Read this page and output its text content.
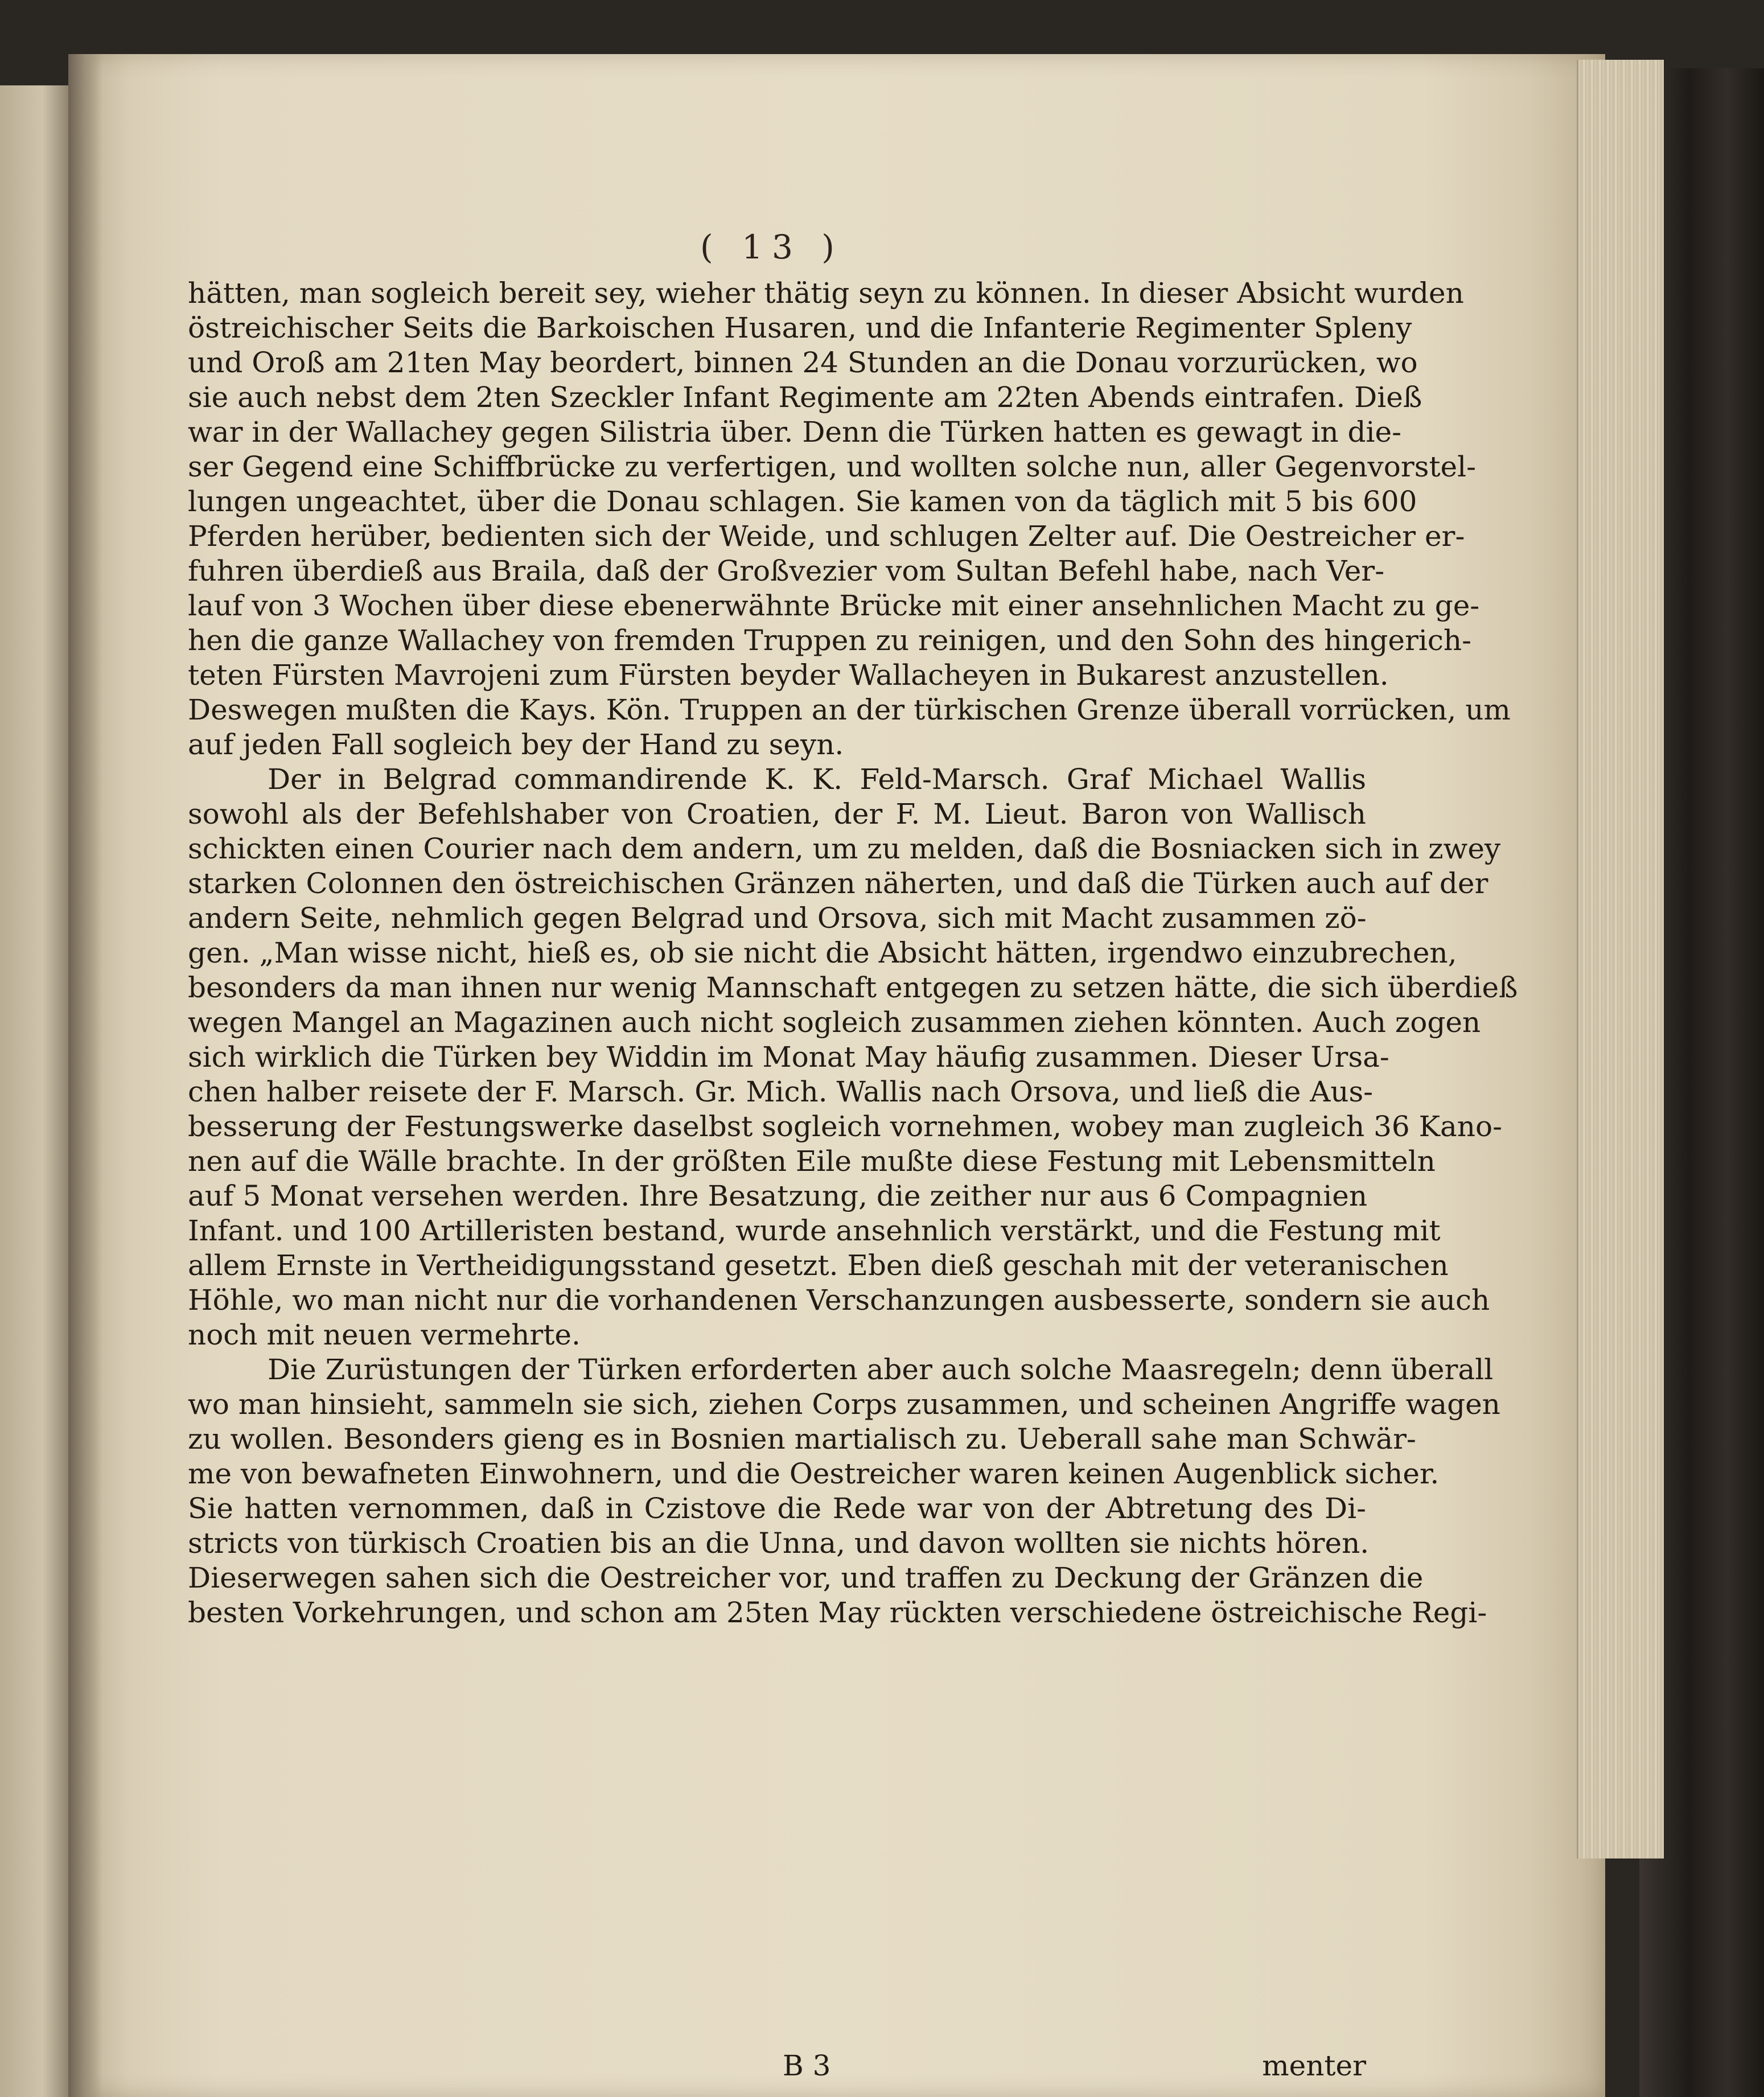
( 13 )
hätten, man sogleich bereit sey, wieher thätig seyn zu können. In dieser Absicht wurden
östreichischer Seits die Barkoischen Husaren, und die Infanterie Regimenter Spleny
und Oroß am 21ten May beordert, binnen 24 Stunden an die Donau vorzurücken, wo
sie auch nebst dem 2ten Szeckler Infant Regimente am 22ten Abends eintrafen. Dieß
war in der Wallachey gegen Silistria über. Denn die Türken hatten es gewagt in die-
ser Gegend eine Schiffbrücke zu verfertigen, und wollten solche nun, aller Gegenvorstel-
lungen ungeachtet, über die Donau schlagen. Sie kamen von da täglich mit 5 bis 600
Pferden herüber, bedienten sich der Weide, und schlugen Zelter auf. Die Oestreicher er-
fuhren überdieß aus Braila, daß der Großvezier vom Sultan Befehl habe, nach Ver-
lauf von 3 Wochen über diese ebenerwähnte Brücke mit einer ansehnlichen Macht zu ge-
hen die ganze Wallachey von fremden Truppen zu reinigen, und den Sohn des hingerich-
teten Fürsten Mavrojeni zum Fürsten beyder Wallacheyen in Bukarest anzustellen.
Deswegen mußten die Kays. Kön. Truppen an der türkischen Grenze überall vorrücken, um
auf jeden Fall sogleich bey der Hand zu seyn.
Der in Belgrad commandirende K. K. Feld-Marsch. Graf Michael Wallis
sowohl als der Befehlshaber von Croatien, der F. M. Lieut. Baron von Wallisch
schickten einen Courier nach dem andern, um zu melden, daß die Bosniacken sich in zwey
starken Colonnen den östreichischen Gränzen näherten, und daß die Türken auch auf der
andern Seite, nehmlich gegen Belgrad und Orsova, sich mit Macht zusammen zö-
gen. „Man wisse nicht, hieß es, ob sie nicht die Absicht hätten, irgendwo einzubrechen,
besonders da man ihnen nur wenig Mannschaft entgegen zu setzen hätte, die sich überdieß
wegen Mangel an Magazinen auch nicht sogleich zusammen ziehen könnten. Auch zogen
sich wirklich die Türken bey Widdin im Monat May häufig zusammen. Dieser Ursa-
chen halber reisete der F. Marsch. Gr. Mich. Wallis nach Orsova, und ließ die Aus-
besserung der Festungswerke daselbst sogleich vornehmen, wobey man zugleich 36 Kano-
nen auf die Wälle brachte. In der größten Eile mußte diese Festung mit Lebensmitteln
auf 5 Monat versehen werden. Ihre Besatzung, die zeither nur aus 6 Compagnien
Infant. und 100 Artilleristen bestand, wurde ansehnlich verstärkt, und die Festung mit
allem Ernste in Vertheidigungsstand gesetzt. Eben dieß geschah mit der veteranischen
Höhle, wo man nicht nur die vorhandenen Verschanzungen ausbesserte, sondern sie auch
noch mit neuen vermehrte.
Die Zurüstungen der Türken erforderten aber auch solche Maasregeln; denn überall
wo man hinsieht, sammeln sie sich, ziehen Corps zusammen, und scheinen Angriffe wagen
zu wollen. Besonders gieng es in Bosnien martialisch zu. Ueberall sahe man Schwär-
me von bewafneten Einwohnern, und die Oestreicher waren keinen Augenblick sicher.
Sie hatten vernommen, daß in Czistove die Rede war von der Abtretung des Di-
stricts von türkisch Croatien bis an die Unna, und davon wollten sie nichts hören.
Dieserwegen sahen sich die Oestreicher vor, und traffen zu Deckung der Gränzen die
besten Vorkehrungen, und schon am 25ten May rückten verschiedene östreichische Regi-
B 3	menter
